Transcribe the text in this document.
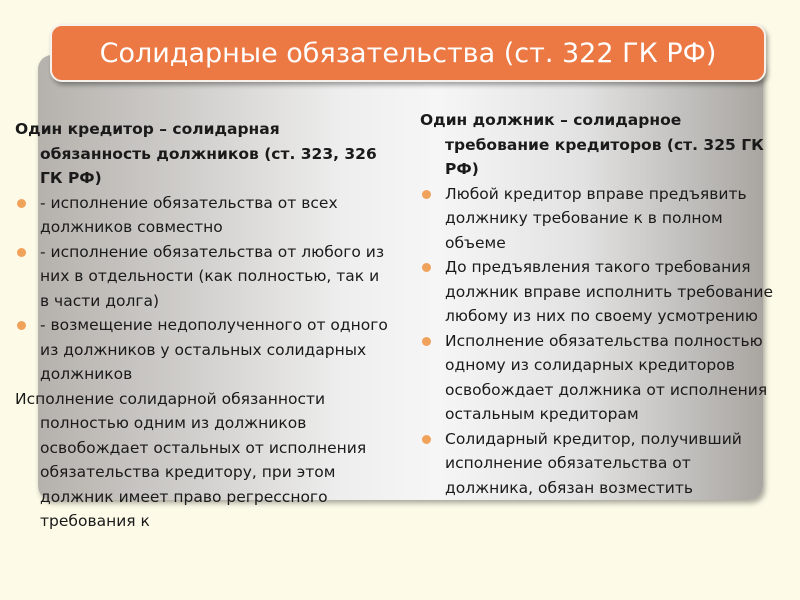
Солидарные обязательства (ст. 322 ГК РФ)
Один кредитор – солидарная обязанность должников (ст. 323, 326 ГК РФ)
- исполнение обязательства от всех должников совместно
- исполнение обязательства от любого из них в отдельности (как полностью, так и в части долга)
- возмещение недополученного от одного из должников у остальных солидарных должников
Исполнение солидарной обязанности полностью одним из должников освобождает остальных от исполнения обязательства кредитору, при этом должник имеет право регрессного требования к
Один должник – солидарное требование кредиторов (ст. 325 ГК РФ)
Любой кредитор вправе предъявить должнику требование к в полном объеме
До предъявления такого требования должник вправе исполнить требование любому из них по своему усмотрению
Исполнение обязательства полностью одному из солидарных кредиторов освобождает должника от исполнения остальным кредиторам
Солидарный кредитор, получивший исполнение обязательства от должника, обязан возместить
